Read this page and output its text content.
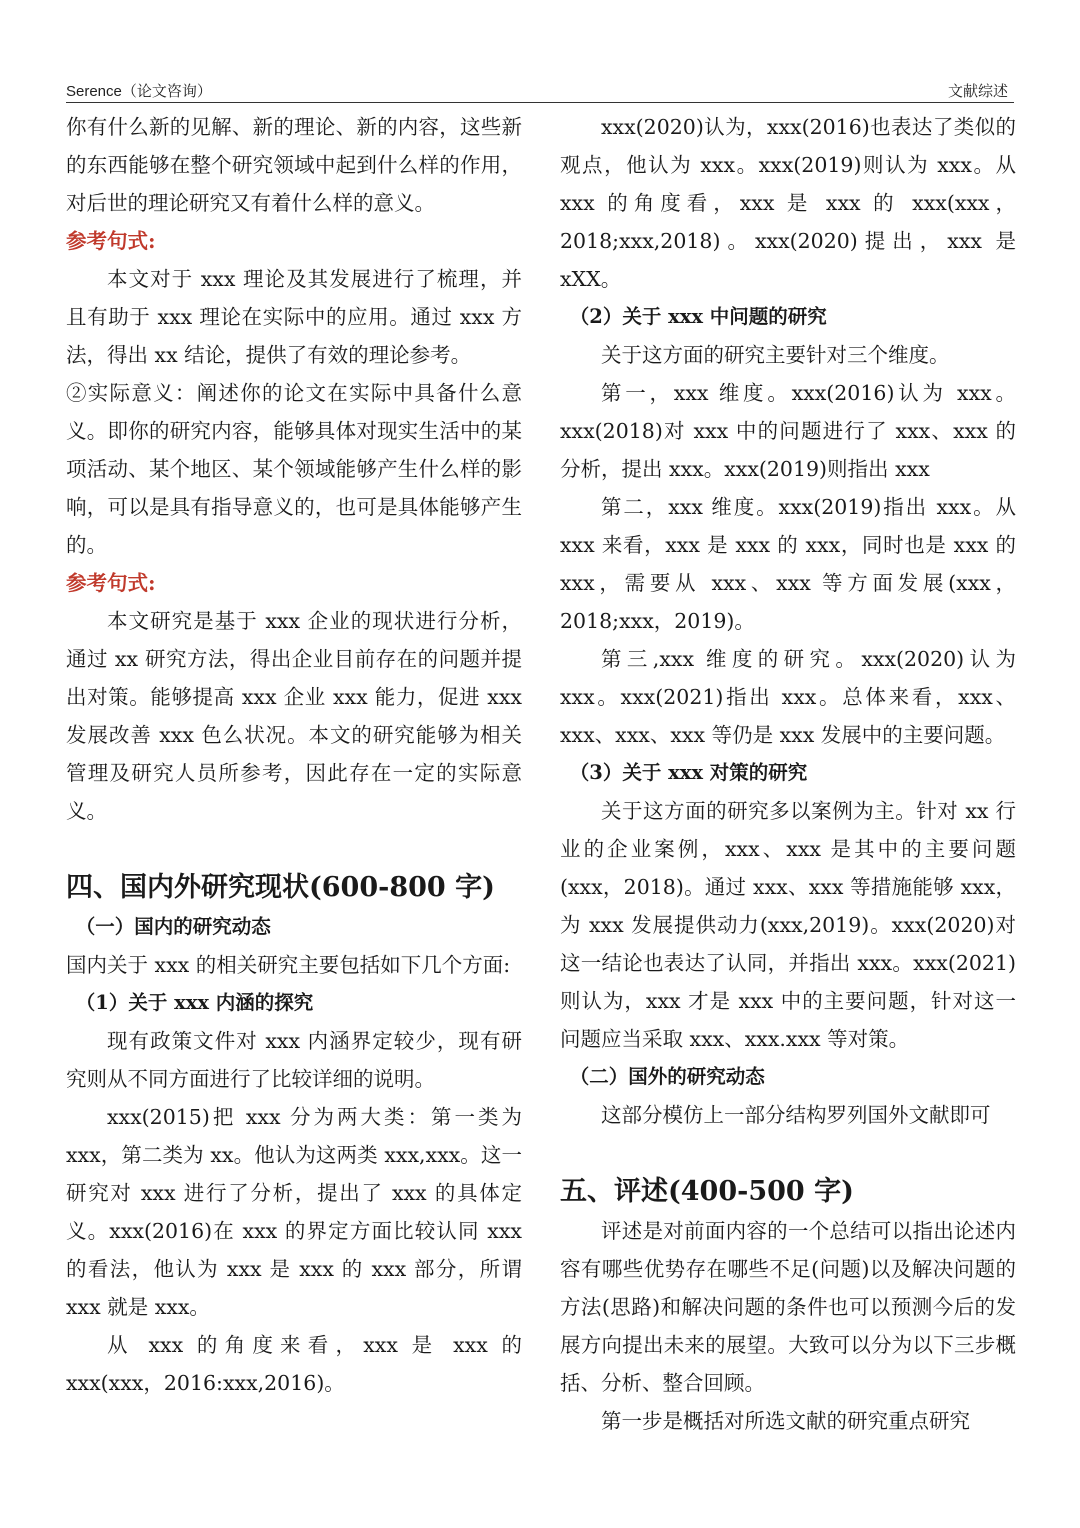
Serence（论文咨询）	文献综述

你有什么新的见解、新的理论、新的内容，这些新的东西能够在整个研究领域中起到什么样的作用，对后世的理论研究又有着什么样的意义。

参考句式:

本文对于 xxx 理论及其发展进行了梳理，并且有助于 xxx 理论在实际中的应用。通过 xxx 方法，得出 xx 结论，提供了有效的理论参考。

②实际意义：阐述你的论文在实际中具备什么意义。即你的研究内容，能够具体对现实生活中的某项活动、某个地区、某个领域能够产生什么样的影响，可以是具有指导意义的，也可是具体能够产生的。

参考句式:

本文研究是基于 xxx 企业的现状进行分析，通过 xx 研究方法，得出企业目前存在的问题并提出对策。能够提高 xxx 企业 xxx 能力，促进 xxx 发展改善 xxx 色么状况。本文的研究能够为相关管理及研究人员所参考，因此存在一定的实际意义。

四、国内外研究现状(600-800 字)

（一）国内的研究动态

国内关于 xxx 的相关研究主要包括如下几个方面:

（1）关于 xxx 内涵的探究

现有政策文件对 xxx 内涵界定较少，现有研究则从不同方面进行了比较详细的说明。

xxx(2015)把 xxx 分为两大类：第一类为 xxx，第二类为 xx。他认为这两类 xxx,xxx。这一研究对 xxx 进行了分析，提出了 xxx 的具体定义。xxx(2016)在 xxx 的界定方面比较认同 xxx 的看法，他认为 xxx 是 xxx 的 xxx 部分，所谓 xxx 就是 xxx。

从 xxx 的角度来看，xxx 是 xxx 的 xxx(xxx，2016:xxx,2016)。

xxx(2020)认为，xxx(2016)也表达了类似的观点，他认为 xxx。xxx(2019)则认为 xxx。从 xxx 的角度看，xxx 是 xxx 的 xxx(xxx，2018;xxx,2018)。xxx(2020)提出，xxx 是 xXX。

（2）关于 xxx 中问题的研究

关于这方面的研究主要针对三个维度。

第一，xxx 维度。xxx(2016)认为 xxx。xxx(2018)对 xxx 中的问题进行了 xxx、xxx 的分析，提出 xxx。xxx(2019)则指出 xxx

第二，xxx 维度。xxx(2019)指出 xxx。从 xxx 来看，xxx 是 xxx 的 xxx，同时也是 xxx 的 xxx，需要从 xxx、xxx 等方面发展(xxx，2018;xxx，2019)。

第三,xxx 维度的研究。xxx(2020)认为 xxx。xxx(2021)指出 xxx。总体来看，xxx、xxx、xxx、xxx 等仍是 xxx 发展中的主要问题。

（3）关于 xxx 对策的研究

关于这方面的研究多以案例为主。针对 xx 行业的企业案例，xxx、xxx 是其中的主要问题(xxx，2018)。通过 xxx、xxx 等措施能够 xxx，为 xxx 发展提供动力(xxx,2019)。xxx(2020)对这一结论也表达了认同，并指出 xxx。xxx(2021)则认为，xxx 才是 xxx 中的主要问题，针对这一问题应当采取 xxx、xxx.xxx 等对策。

（二）国外的研究动态

这部分模仿上一部分结构罗列国外文献即可

五、评述(400-500 字)

评述是对前面内容的一个总结可以指出论述内容有哪些优势存在哪些不足(问题)以及解决问题的方法(思路)和解决问题的条件也可以预测今后的发展方向提出未来的展望。大致可以分为以下三步概括、分析、整合回顾。

第一步是概括对所选文献的研究重点研究
